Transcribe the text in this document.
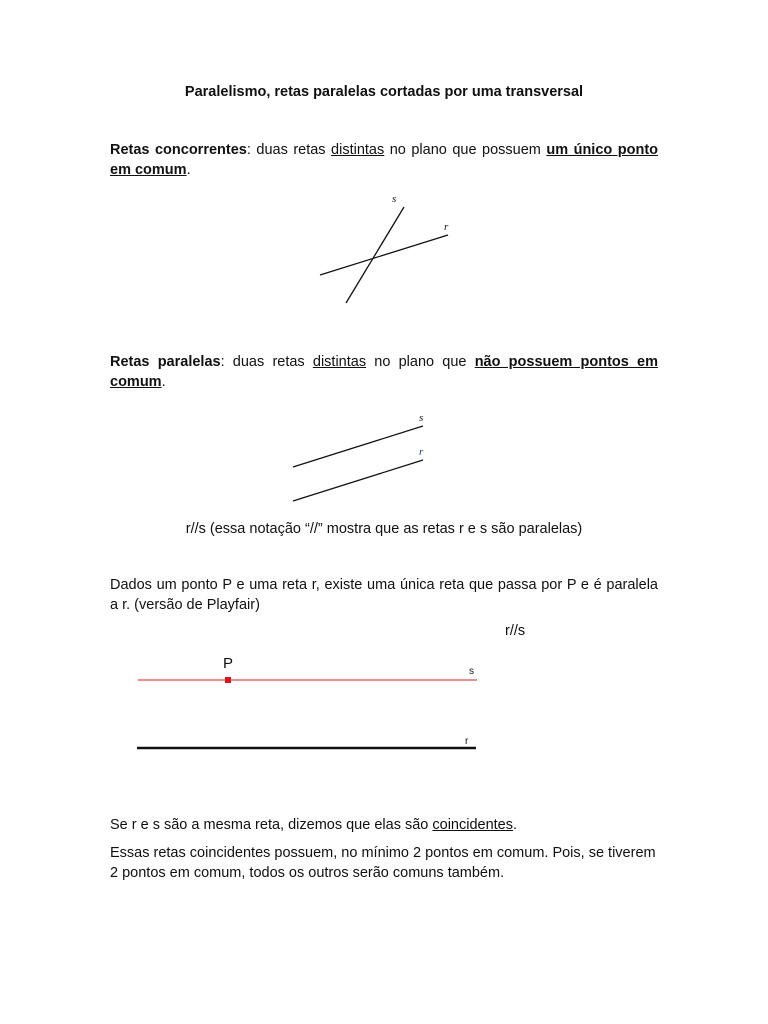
Paralelismo, retas paralelas cortadas por uma transversal
Retas concorrentes: duas retas distintas no plano que possuem um único ponto em comum.
s
r
Retas paralelas: duas retas distintas no plano que não possuem pontos em comum.
s
r
r//s (essa notação “//” mostra que as retas r e s são paralelas)
Dados um ponto P e uma reta r, existe uma única reta que passa por P e é paralela a r. (versão de Playfair)
r//s
P	s
r
Se r e s são a mesma reta, dizemos que elas são coincidentes.
Essas retas coincidentes possuem, no mínimo 2 pontos em comum. Pois, se tiverem 2 pontos em comum, todos os outros serão comuns também.
